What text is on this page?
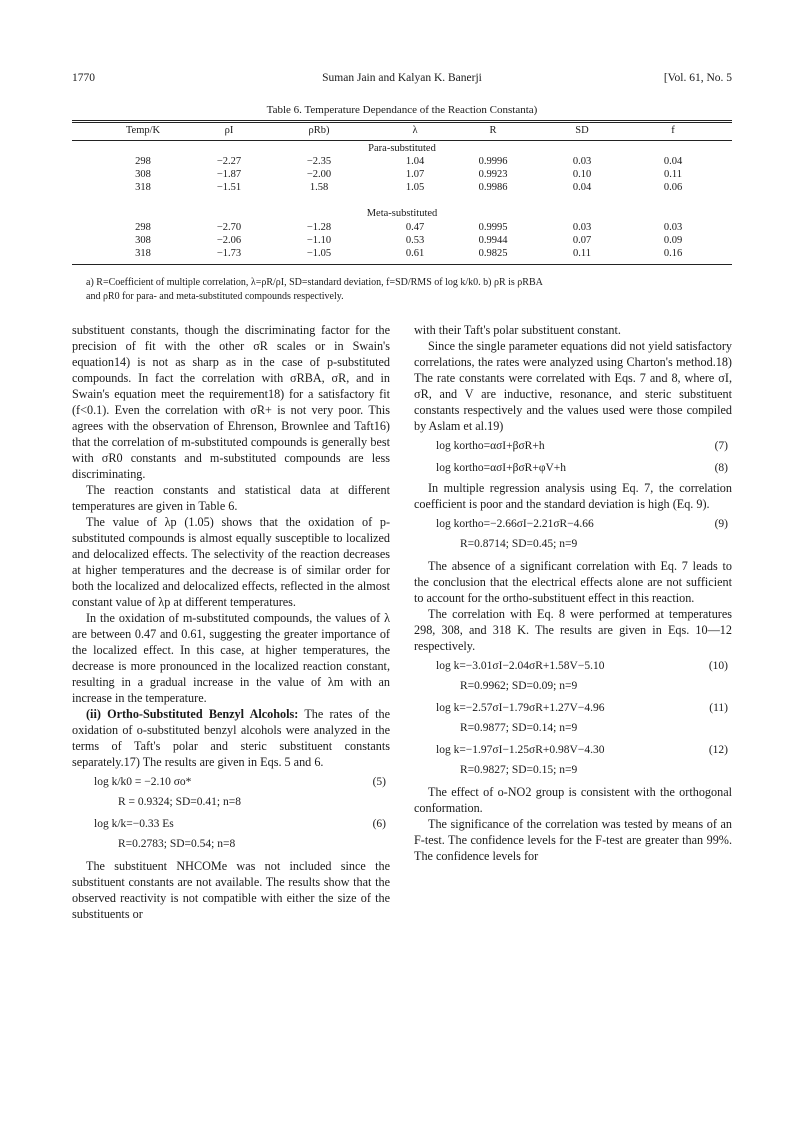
1770	Suman Jain and Kalyan K. Banerji	[Vol. 61, No. 5
Table 6. Temperature Dependance of the Reaction Constanta)
Temp/K	ρI	ρRb)	λ	R	SD	f
Para-substituted
298	−2.27	−2.35	1.04	0.9996	0.03	0.04
308	−1.87	−2.00	1.07	0.9923	0.10	0.11
318	−1.51	1.58	1.05	0.9986	0.04	0.06
Meta-substituted
298	−2.70	−1.28	0.47	0.9995	0.03	0.03
308	−2.06	−1.10	0.53	0.9944	0.07	0.09
318	−1.73	−1.05	0.61	0.9825	0.11	0.16
a) R=Coefficient of multiple correlation, λ=ρR/ρI, SD=standard deviation, f=SD/RMS of log k/k0. b) ρR is ρRBA
and ρR0 for para- and meta-substituted compounds respectively.

substituent constants, though the discriminating factor for the precision of fit with the other σR scales or in Swain's equation14) is not as sharp as in the case of p-substituted compounds. In fact the correlation with σRBA, σR, and in Swain's equation meet the requirement18) for a satisfactory fit (f<0.1). Even the correlation with σR+ is not very poor. This agrees with the observation of Ehrenson, Brownlee and Taft16) that the correlation of m-substituted compounds is generally best with σR0 constants and m-substituted compounds are less discriminating.

The reaction constants and statistical data at different temperatures are given in Table 6.

The value of λp (1.05) shows that the oxidation of p-substituted compounds is almost equally susceptible to localized and delocalized effects. The selectivity of the reaction decreases at higher temperatures and the decrease is of similar order for both the localized and delocalized effects, reflected in the almost constant value of λp at different temperatures.

In the oxidation of m-substituted compounds, the values of λ are between 0.47 and 0.61, suggesting the greater importance of the localized effect. In this case, at higher temperatures, the decrease is more pronounced in the localized reaction constant, resulting in a gradual increase in the value of λm with an increase in the temperature.

(ii) Ortho-Substituted Benzyl Alcohols: The rates of the oxidation of o-substituted benzyl alcohols were analyzed in the terms of Taft's polar and steric substituent constants separately.17) The results are given in Eqs. 5 and 6.

log k/k0 = −2.10 σo*	(5)
R = 0.9324; SD=0.41; n=8
log k/k=−0.33 Es	(6)
R=0.2783; SD=0.54; n=8

The substituent NHCOMe was not included since the substituent constants are not available. The results show that the observed reactivity is not compatible with either the size of the substituents or

with their Taft's polar substituent constant.

Since the single parameter equations did not yield satisfactory correlations, the rates were analyzed using Charton's method.18) The rate constants were correlated with Eqs. 7 and 8, where σI, σR, and V are inductive, resonance, and steric substituent constants respectively and the values used were those compiled by Aslam et al.19)

log kortho=ασI+βσR+h	(7)
log kortho=ασI+βσR+φV+h	(8)

In multiple regression analysis using Eq. 7, the correlation coefficient is poor and the standard deviation is high (Eq. 9).

log kortho=−2.66σI−2.21σR−4.66	(9)
R=0.8714; SD=0.45; n=9

The absence of a significant correlation with Eq. 7 leads to the conclusion that the electrical effects alone are not sufficient to account for the ortho-substituent effect in this reaction.

The correlation with Eq. 8 were performed at temperatures 298, 308, and 318 K. The results are given in Eqs. 10—12 respectively.

log k=−3.01σI−2.04σR+1.58V−5.10	(10)
R=0.9962; SD=0.09; n=9
log k=−2.57σI−1.79σR+1.27V−4.96	(11)
R=0.9877; SD=0.14; n=9
log k=−1.97σI−1.25σR+0.98V−4.30	(12)
R=0.9827; SD=0.15; n=9

The effect of o-NO2 group is consistent with the orthogonal conformation.

The significance of the correlation was tested by means of an F-test. The confidence levels for the F-test are greater than 99%. The confidence levels for
